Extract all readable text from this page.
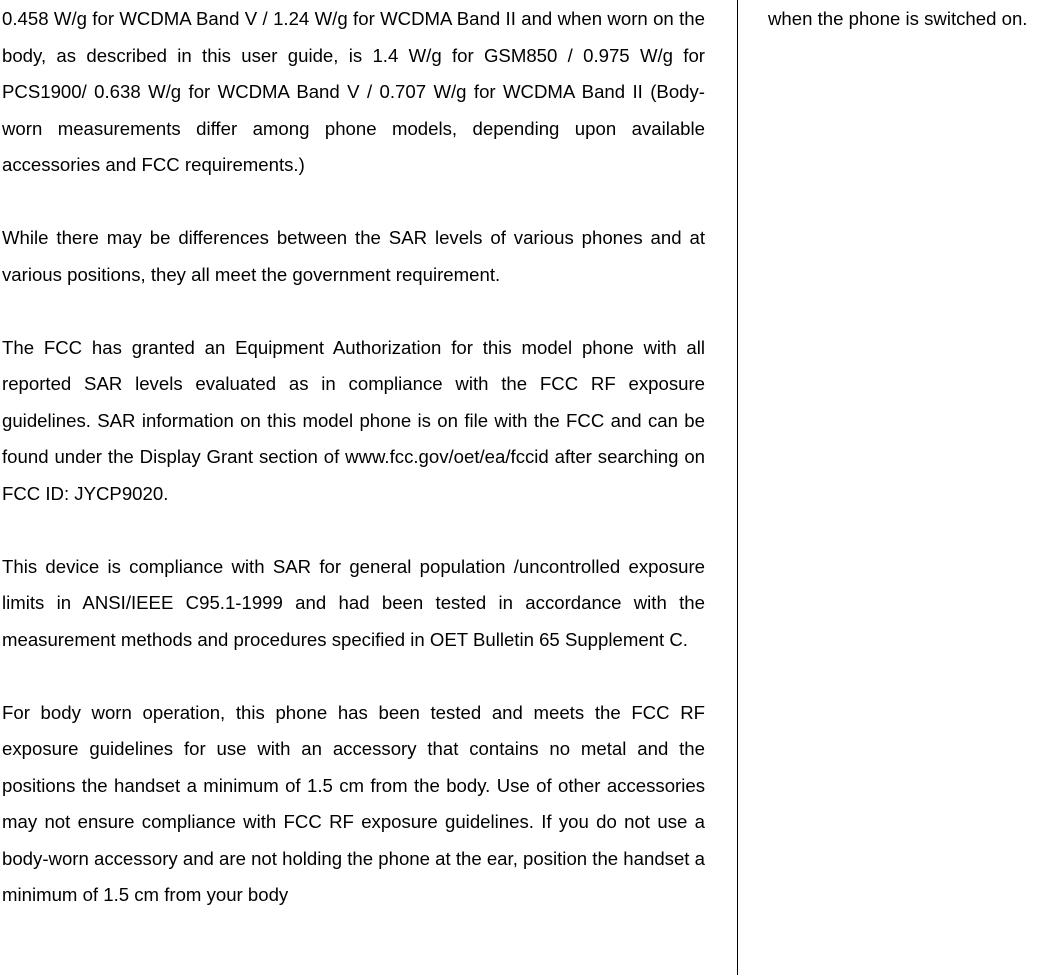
0.458 W/g for WCDMA Band V / 1.24 W/g for WCDMA Band II and when worn on the body, as described in this user guide, is 1.4 W/g for GSM850 / 0.975 W/g for PCS1900/ 0.638 W/g for WCDMA Band V / 0.707 W/g for WCDMA Band II (Body-worn measurements differ among phone models, depending upon available accessories and FCC requirements.)

While there may be differences between the SAR levels of various phones and at various positions, they all meet the government requirement.

The FCC has granted an Equipment Authorization for this model phone with all reported SAR levels evaluated as in compliance with the FCC RF exposure guidelines. SAR information on this model phone is on file with the FCC and can be found under the Display Grant section of www.fcc.gov/oet/ea/fccid after searching on FCC ID: JYCP9020.

This device is compliance with SAR for general population /uncontrolled exposure limits in ANSI/IEEE C95.1-1999 and had been tested in accordance with the measurement methods and procedures specified in OET Bulletin 65 Supplement C.

For body worn operation, this phone has been tested and meets the FCC RF exposure guidelines for use with an accessory that contains no metal and the positions the handset a minimum of 1.5 cm from the body. Use of other accessories may not ensure compliance with FCC RF exposure guidelines. If you do not use a body-worn accessory and are not holding the phone at the ear, position the handset a minimum of 1.5 cm from your body

when the phone is switched on.
